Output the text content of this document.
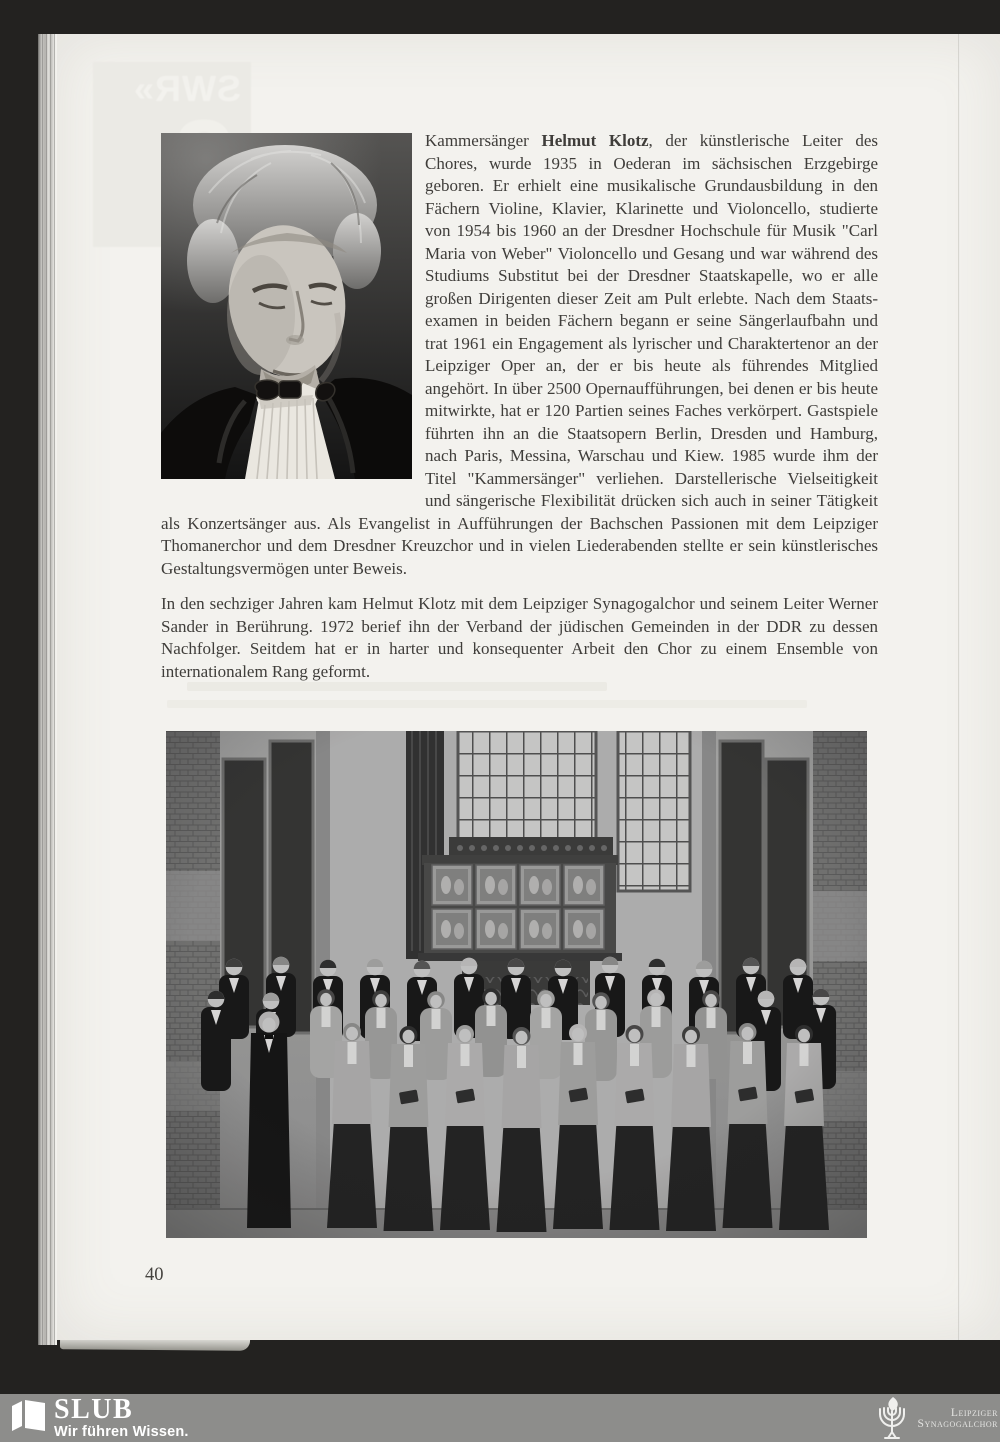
SWR»

Kammersänger Helmut Klotz, der künstlerische Leiter des Chores, wurde 1935 in Oederan im sächsischen Erzgebirge geboren. Er erhielt eine musikalische Grundausbildung in den Fächern Violine, Klavier, Klarinette und Violoncello, studierte von 1954 bis 1960 an der Dresdner Hochschule für Musik "Carl Maria von Weber" Violoncello und Gesang und war während des Studiums Substitut bei der Dresdner Staatskapelle, wo er alle großen Dirigenten dieser Zeit am Pult erlebte. Nach dem Staatsexamen in beiden Fächern begann er seine Sängerlaufbahn und trat 1961 ein Engagement als lyrischer und Charaktertenor an der Leipziger Oper an, der er bis heute als führendes Mitglied angehört. In über 2500 Opernaufführungen, bei denen er bis heute mitwirkte, hat er 120 Partien seines Faches verkörpert. Gastspiele führten ihn an die Staatsopern Berlin, Dresden und Hamburg, nach Paris, Messina, Warschau und Kiew. 1985 wurde ihm der Titel "Kammersänger" verliehen. Darstellerische Vielseitigkeit und sängerische Flexibilität drücken sich auch in seiner Tätigkeit als Konzertsänger aus. Als Evangelist in Aufführungen der Bachschen Passionen mit dem Leipziger Thomanerchor und dem Dresdner Kreuzchor und in vielen Liederabenden stellte er sein künstlerisches Gestaltungsvermögen unter Beweis.

In den sechziger Jahren kam Helmut Klotz mit dem Leipziger Synagogalchor und seinem Leiter Werner Sander in Berührung. 1972 berief ihn der Verband der jüdischen Gemeinden in der DDR zu dessen Nachfolger. Seitdem hat er in harter und konsequenter Arbeit den Chor zu einem Ensemble von internationalem Rang geformt.

40
SLUB
Wir führen Wissen.
Leipziger
Synagogalchor
